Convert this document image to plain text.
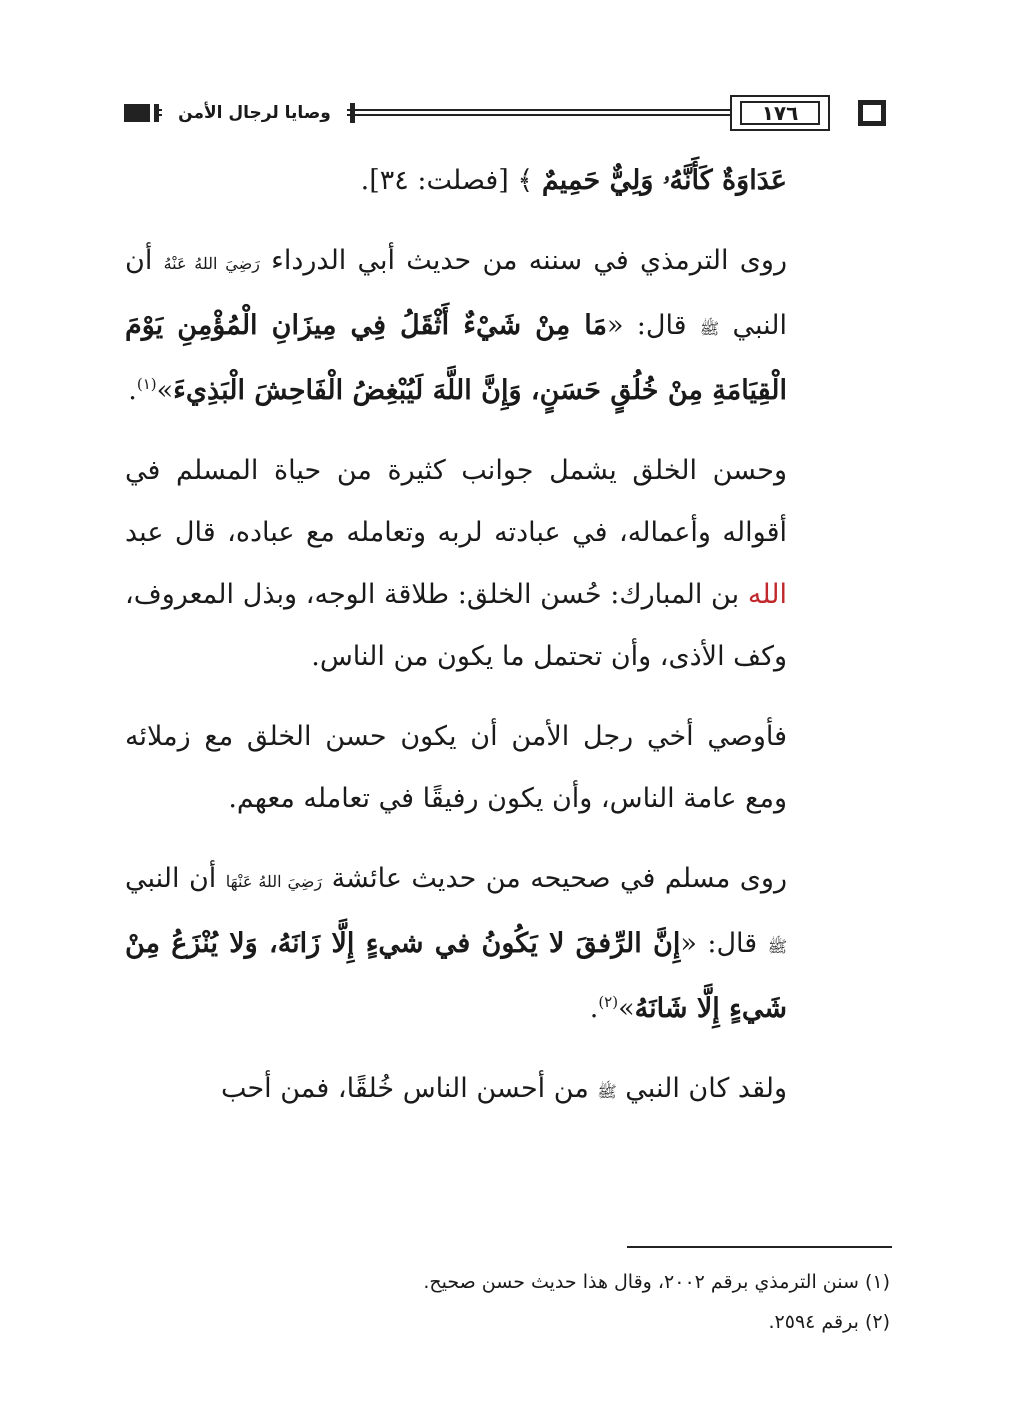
وصايا لرجال الأمن	١٧٦

عَدَاوَةٌ كَأَنَّهُۥ وَلِيٌّ حَمِيمٌ ﴾ [فصلت: ٣٤].

روى الترمذي في سننه من حديث أبي الدرداء رَضِيَ اللهُ عَنْهُ أن النبي ﷺ قال: «مَا مِنْ شَيْءٌ أَثْقَلُ فِي مِيزَانِ الْمُؤْمِنِ يَوْمَ الْقِيَامَةِ مِنْ خُلُقٍ حَسَنٍ، وَإِنَّ اللَّهَ لَيُبْغِضُ الْفَاحِشَ الْبَذِيءَ»$^{(١)}$.

وحسن الخلق يشمل جوانب كثيرة من حياة المسلم في أقواله وأعماله، في عبادته لربه وتعامله مع عباده، قال عبد الله بن المبارك: حُسن الخلق: طلاقة الوجه، وبذل المعروف، وكف الأذى، وأن تحتمل ما يكون من الناس.

فأوصي أخي رجل الأمن أن يكون حسن الخلق مع زملائه ومع عامة الناس، وأن يكون رفيقًا في تعامله معهم.

روى مسلم في صحيحه من حديث عائشة رَضِيَ اللهُ عَنْهَا أن النبي ﷺ قال: «إِنَّ الرِّفقَ لا يَكُونُ في شيءٍ إِلَّا زَانَهُ، وَلا يُنْزَعُ مِنْ شَيءٍ إِلَّا شَانَهُ»$^{(٢)}$.

ولقد كان النبي ﷺ من أحسن الناس خُلقًا، فمن أحب

(١) سنن الترمذي برقم ٢٠٠٢، وقال هذا حديث حسن صحيح.
(٢) برقم ٢٥٩٤.
